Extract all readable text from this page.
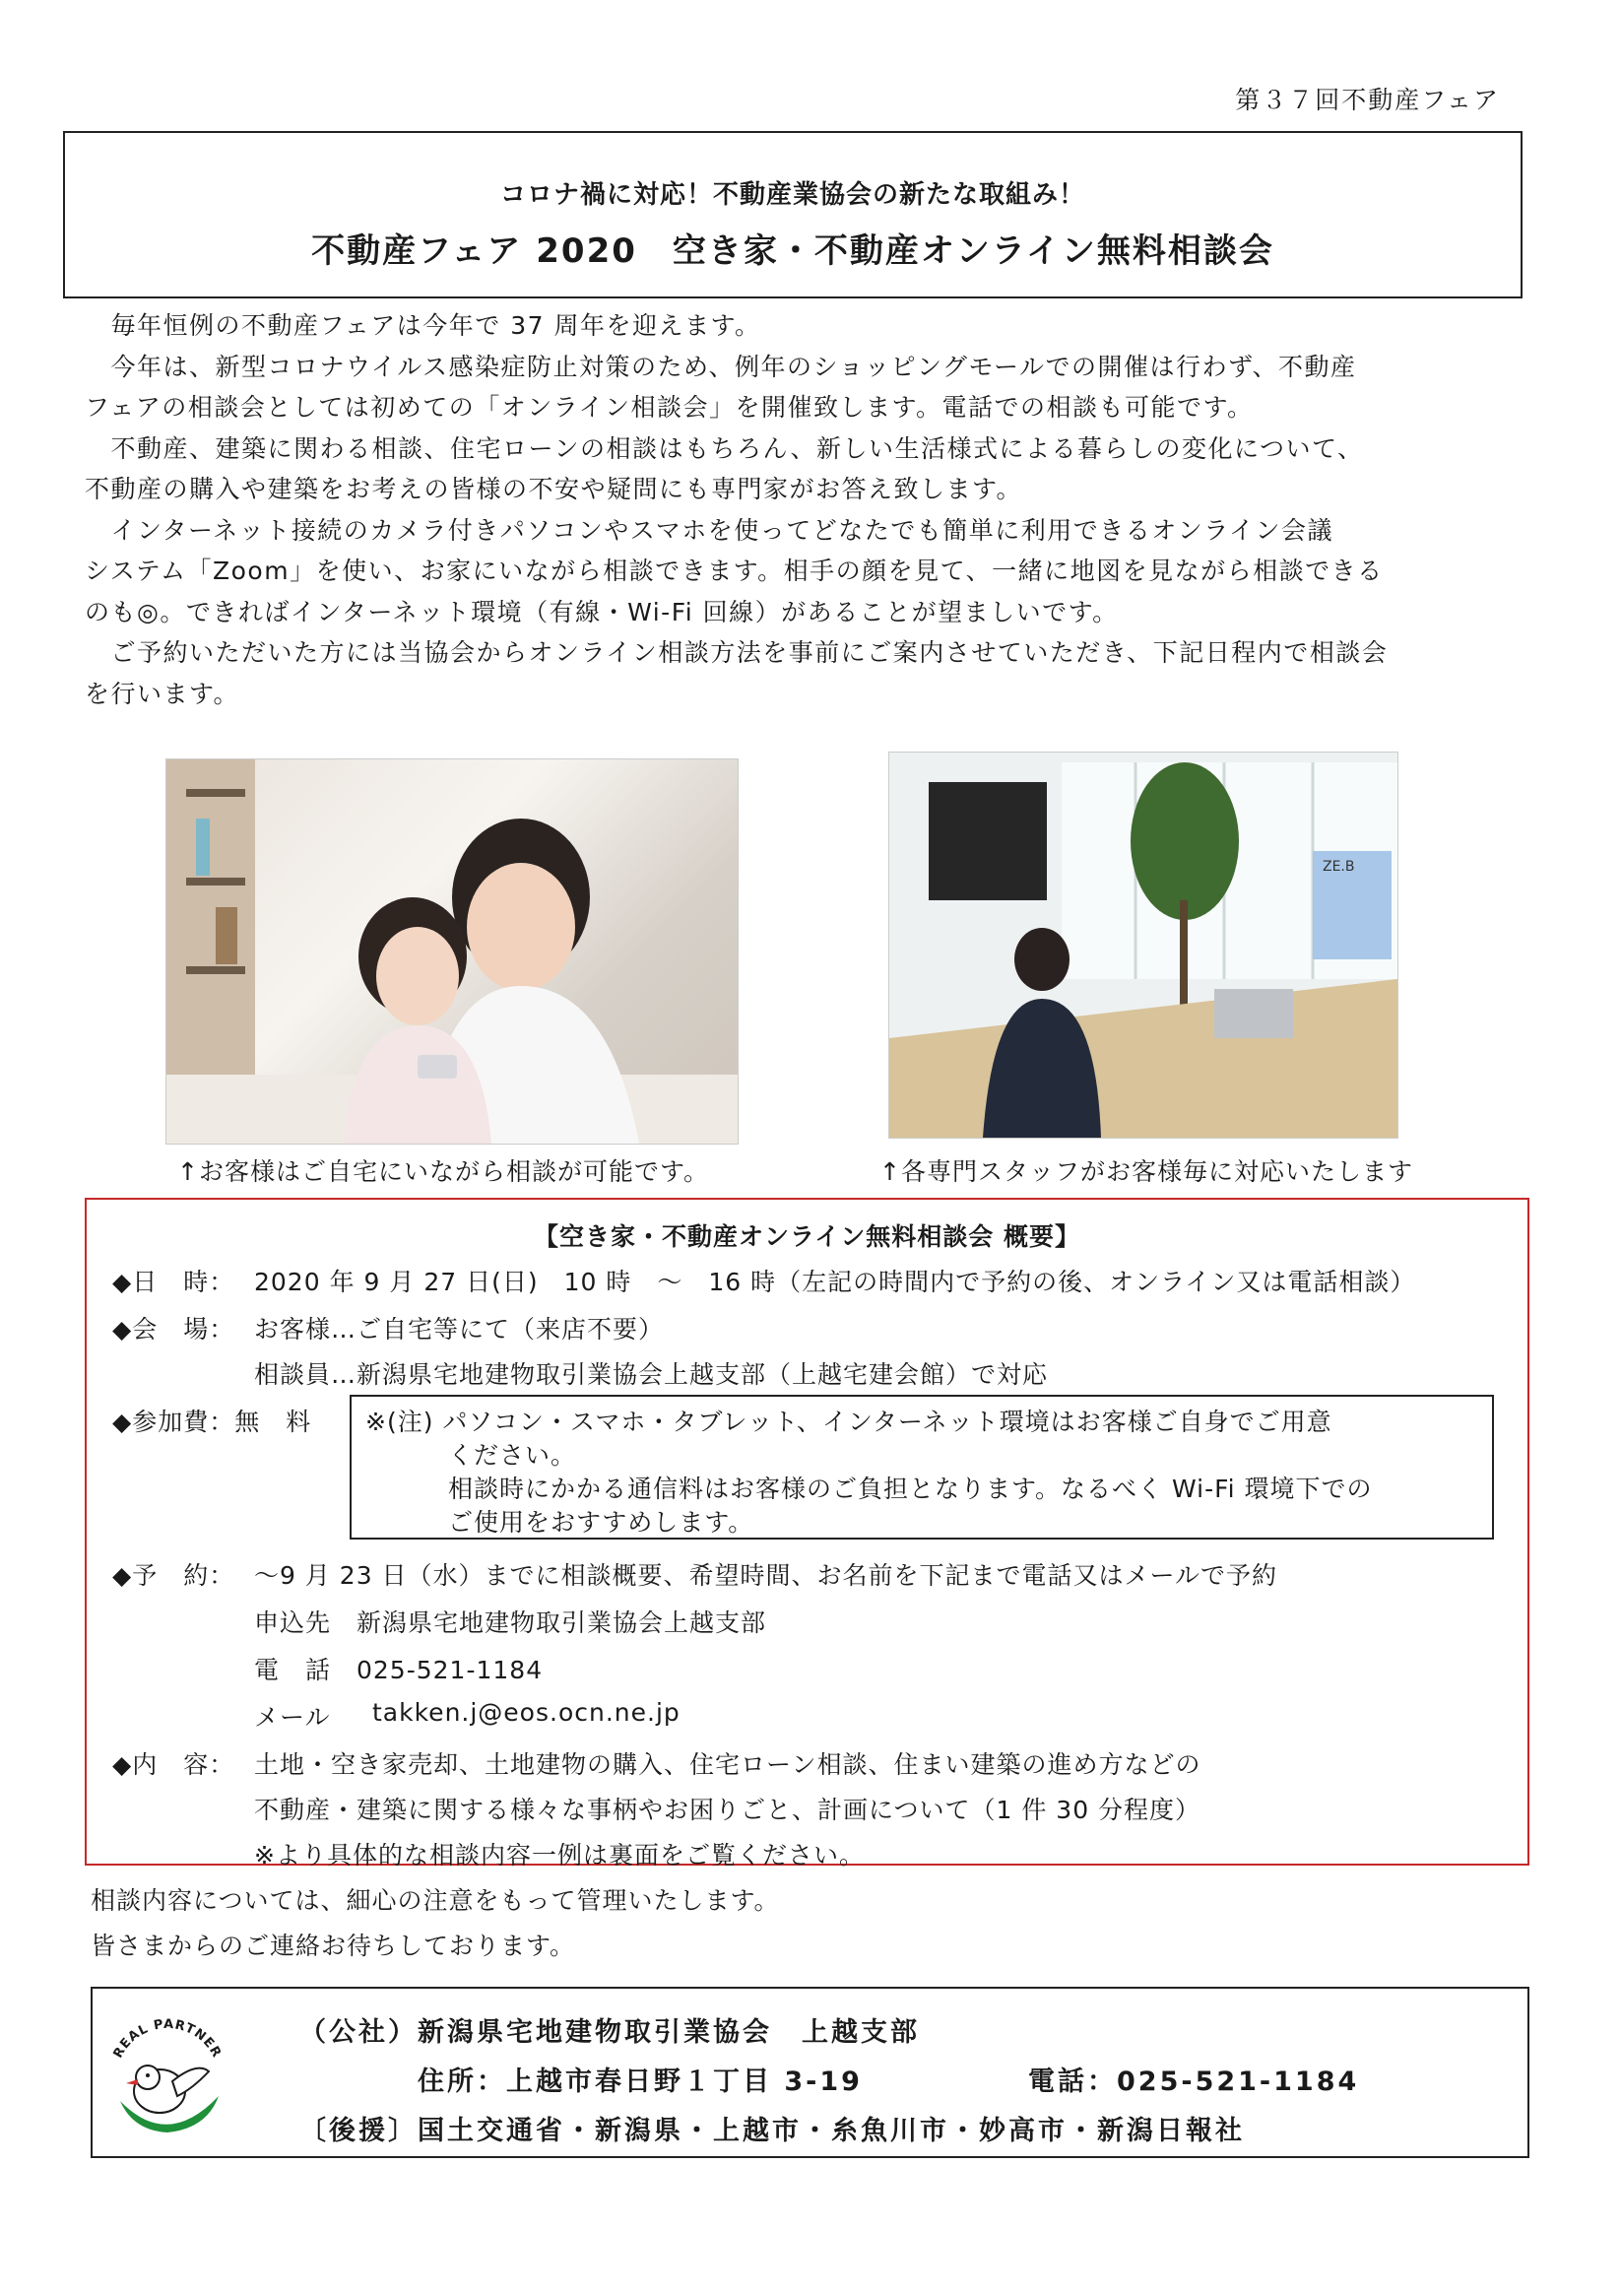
第３７回不動産フェア
コロナ禍に対応！不動産業協会の新たな取組み！
不動産フェア 2020　空き家・不動産オンライン無料相談会

　毎年恒例の不動産フェアは今年で 37 周年を迎えます。

　今年は、新型コロナウイルス感染症防止対策のため、例年のショッピングモールでの開催は行わず、不動産

フェアの相談会としては初めての「オンライン相談会」を開催致します。電話での相談も可能です。

　不動産、建築に関わる相談、住宅ローンの相談はもちろん、新しい生活様式による暮らしの変化について、

不動産の購入や建築をお考えの皆様の不安や疑問にも専門家がお答え致します。

　インターネット接続のカメラ付きパソコンやスマホを使ってどなたでも簡単に利用できるオンライン会議

システム「Zoom」を使い、お家にいながら相談できます。相手の顔を見て、一緒に地図を見ながら相談できる

のも◎。できればインターネット環境（有線・Wi-Fi 回線）があることが望ましいです。

　ご予約いただいた方には当協会からオンライン相談方法を事前にご案内させていただき、下記日程内で相談会

を行います。

ZE.B
↑お客様はご自宅にいながら相談が可能です。	↑各専門スタッフがお客様毎に対応いたします
【空き家・不動産オンライン無料相談会 概要】
◆日　時： 2020 年 9 月 27 日(日)　10 時　～　16 時（左記の時間内で予約の後、オンライン又は電話相談）
◆会　場： お客様…ご自宅等にて（来店不要）
相談員…新潟県宅地建物取引業協会上越支部（上越宅建会館）で対応
◆参加費：無　料 ※(注) パソコン・スマホ・タブレット、インターネット環境はお客様ご自身でご用意
ください。
相談時にかかる通信料はお客様のご負担となります。なるべく Wi-Fi 環境下での
ご使用をおすすめします。
◆予　約： ～9 月 23 日（水）までに相談概要、希望時間、お名前を下記まで電話又はメールで予約
申込先　新潟県宅地建物取引業協会上越支部
電　話　025-521-1184
メール takken.j@eos.ocn.ne.jp
◆内　容： 土地・空き家売却、土地建物の購入、住宅ローン相談、住まい建築の進め方などの
不動産・建築に関する様々な事柄やお困りごと、計画について（1 件 30 分程度）
※より具体的な相談内容一例は裏面をご覧ください。
相談内容については、細心の注意をもって管理いたします。
皆さまからのご連絡お待ちしております。
REAL PARTNER
（公社）新潟県宅地建物取引業協会　上越支部
住所：上越市春日野１丁目 3-19	電話：025-521-1184
〔後援〕国土交通省・新潟県・上越市・糸魚川市・妙高市・新潟日報社
